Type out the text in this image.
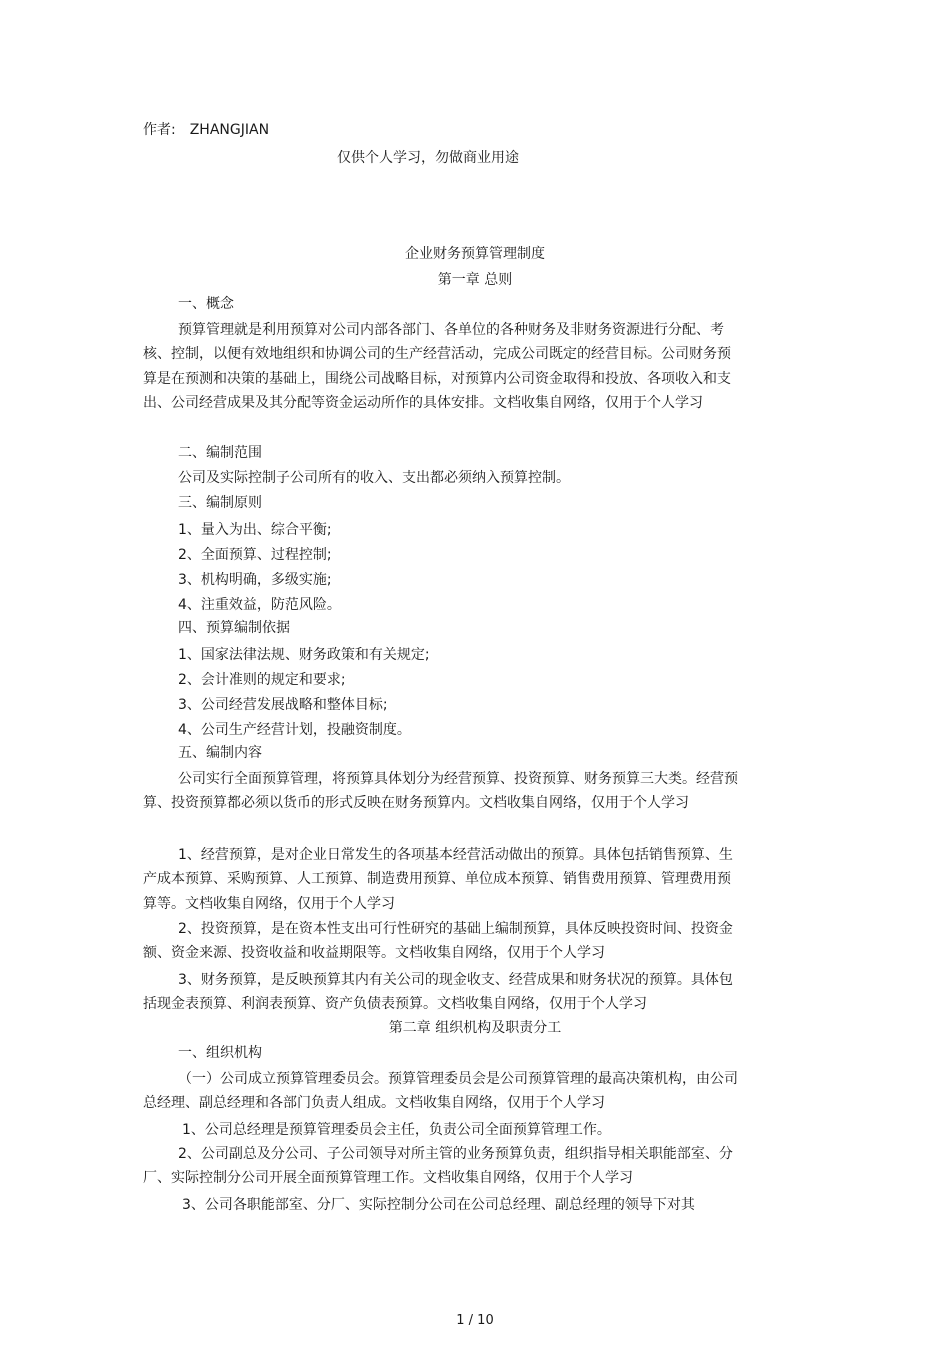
作者: ZHANGJIAN
仅供个人学习，勿做商业用途
企业财务预算管理制度
第一章 总则
一、概念
预算管理就是利用预算对公司内部各部门、各单位的各种财务及非财务资源进行分配、考核、控制，以便有效地组织和协调公司的生产经营活动，完成公司既定的经营目标。公司财务预算是在预测和决策的基础上，围绕公司战略目标，对预算内公司资金取得和投放、各项收入和支出、公司经营成果及其分配等资金运动所作的具体安排。文档收集自网络，仅用于个人学习
二、编制范围
公司及实际控制子公司所有的收入、支出都必须纳入预算控制。
三、编制原则
1、量入为出、综合平衡;
2、全面预算、过程控制;
3、机构明确，多级实施;
4、注重效益，防范风险。
四、预算编制依据
1、国家法律法规、财务政策和有关规定;
2、会计准则的规定和要求;
3、公司经营发展战略和整体目标;
4、公司生产经营计划，投融资制度。
五、编制内容
公司实行全面预算管理，将预算具体划分为经营预算、投资预算、财务预算三大类。经营预算、投资预算都必须以货币的形式反映在财务预算内。文档收集自网络，仅用于个人学习
1、经营预算，是对企业日常发生的各项基本经营活动做出的预算。具体包括销售预算、生产成本预算、采购预算、人工预算、制造费用预算、单位成本预算、销售费用预算、管理费用预算等。文档收集自网络，仅用于个人学习
2、投资预算，是在资本性支出可行性研究的基础上编制预算，具体反映投资时间、投资金额、资金来源、投资收益和收益期限等。文档收集自网络，仅用于个人学习
3、财务预算，是反映预算其内有关公司的现金收支、经营成果和财务状况的预算。具体包括现金表预算、利润表预算、资产负债表预算。文档收集自网络，仅用于个人学习
第二章 组织机构及职责分工
一、组织机构
（一）公司成立预算管理委员会。预算管理委员会是公司预算管理的最高决策机构，由公司总经理、副总经理和各部门负责人组成。文档收集自网络，仅用于个人学习
1、公司总经理是预算管理委员会主任，负责公司全面预算管理工作。
2、公司副总及分公司、子公司领导对所主管的业务预算负责，组织指导相关职能部室、分厂、实际控制分公司开展全面预算管理工作。文档收集自网络，仅用于个人学习
3、公司各职能部室、分厂、实际控制分公司在公司总经理、副总经理的领导下对其
1 / 10
